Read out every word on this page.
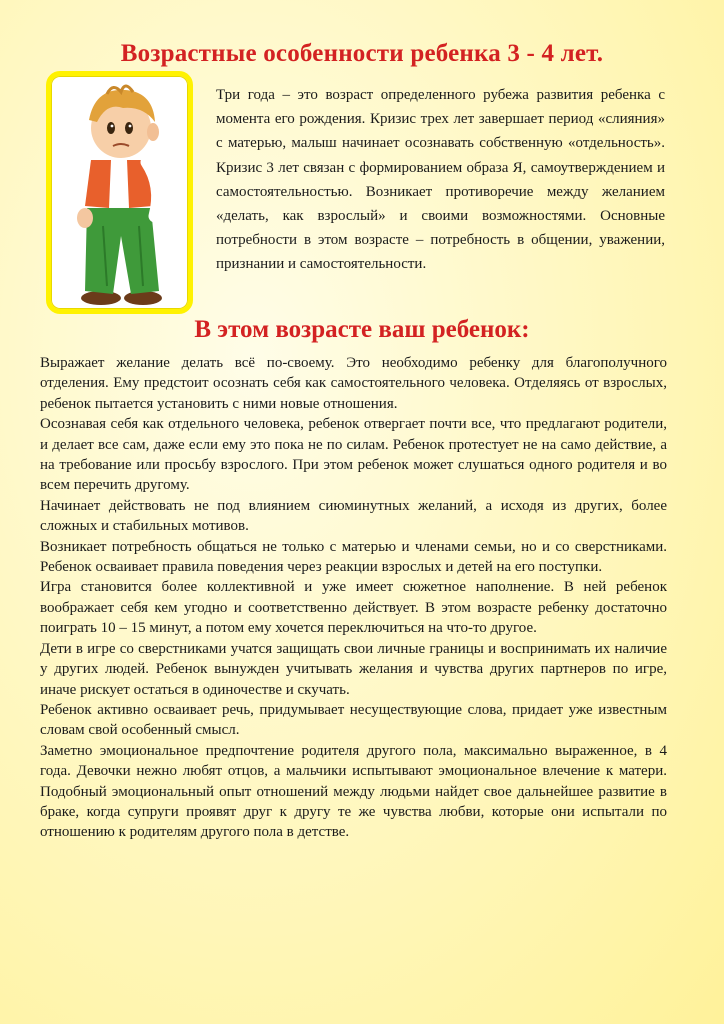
Возрастные особенности ребенка 3 - 4 лет.

Три года – это возраст определенного рубежа развития ребенка с момента его рождения. Кризис трех лет завершает период «слияния» с матерью, малыш начинает осознавать собственную «отдельность». Кризис 3 лет связан с формированием образа Я, самоутверждением и самостоятельностью. Возникает противоречие между желанием «делать, как взрослый» и своими возможностями. Основные потребности в этом возрасте – потребность в общении, уважении, признании и самостоятельности.

В этом возрасте ваш ребенок:

Выражает желание делать всё по-своему. Это необходимо ребенку для благополучного отделения. Ему предстоит осознать себя как самостоятельного человека. Отделяясь от взрослых, ребенок пытается установить с ними новые отношения.

Осознавая себя как отдельного человека, ребенок отвергает почти все, что предлагают родители, и делает все сам, даже если ему это пока не по силам. Ребенок протестует не на само действие, а на требование или просьбу взрослого. При этом ребенок может слушаться одного родителя и во всем перечить другому.

Начинает действовать не под влиянием сиюминутных желаний, а исходя из других, более сложных и стабильных мотивов.

Возникает потребность общаться не только с матерью и членами семьи, но и со сверстниками. Ребенок осваивает правила поведения через реакции взрослых и детей на его поступки.

Игра становится более коллективной и уже имеет сюжетное наполнение. В ней ребенок воображает себя кем угодно и соответственно действует. В этом возрасте ребенку достаточно поиграть 10 – 15 минут, а потом ему хочется переключиться на что-то другое.

Дети в игре со сверстниками учатся защищать свои личные границы и воспринимать их наличие у других людей. Ребенок вынужден учитывать желания и чувства других партнеров по игре, иначе рискует остаться в одиночестве и скучать.

Ребенок активно осваивает речь, придумывает несуществующие слова, придает уже известным словам свой особенный смысл.

Заметно эмоциональное предпочтение родителя другого пола, максимально выраженное, в 4 года. Девочки нежно любят отцов, а мальчики испытывают эмоциональное влечение к матери. Подобный эмоциональный опыт отношений между людьми найдет свое дальнейшее развитие в браке, когда супруги проявят друг к другу те же чувства любви, которые они испытали по отношению к родителям другого пола в детстве.
